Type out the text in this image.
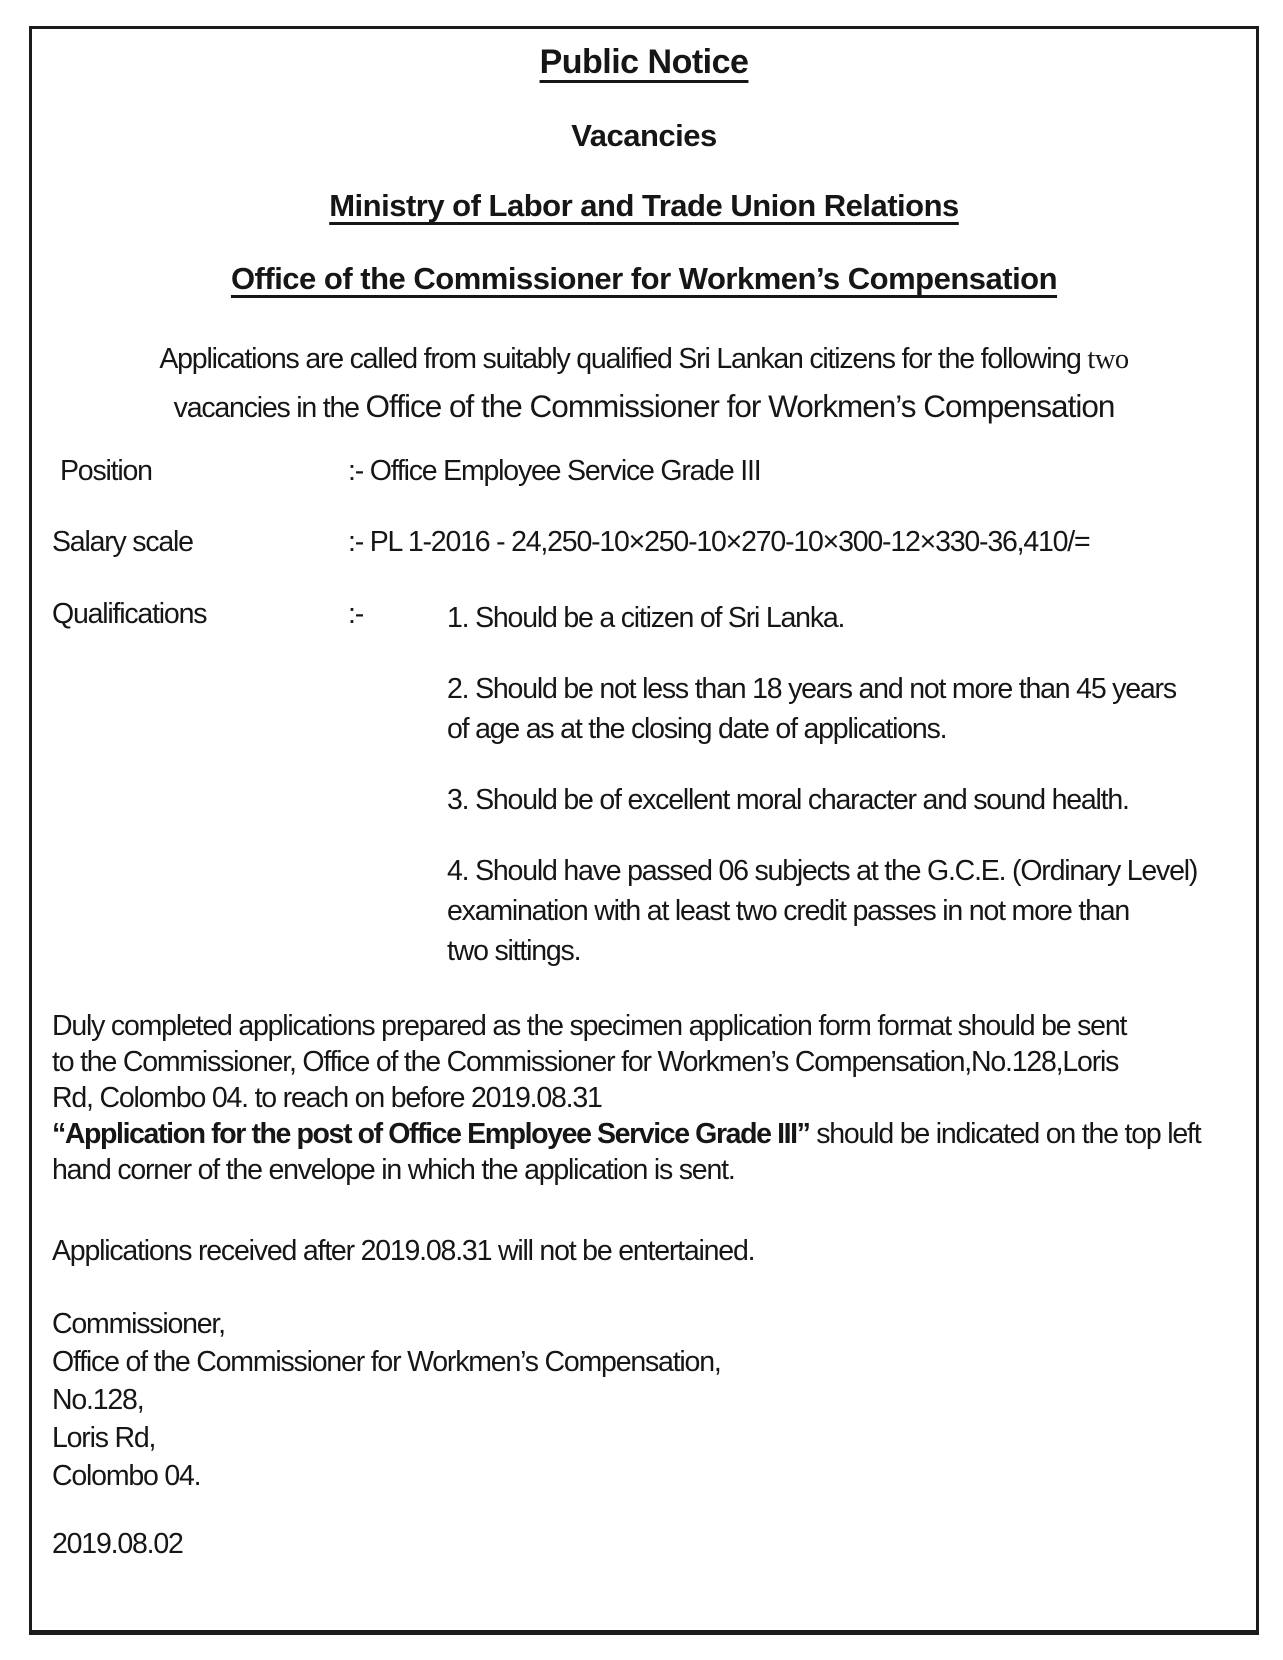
Public Notice
Vacancies
Ministry of Labor and Trade Union Relations
Office of the Commissioner for Workmen’s Compensation
Applications are called from suitably qualified Sri Lankan citizens for the following two
vacancies in the Office of the Commissioner for Workmen’s Compensation
Position	:- Office Employee Service Grade III
Salary scale	:- PL 1-2016 - 24,250-10×250-10×270-10×300-12×330-36,410/=
Qualifications	:-	1. Should be a citizen of Sri Lanka.
2. Should be not less than 18 years and not more than 45 years
of age as at the closing date of applications.
3. Should be of excellent moral character and sound health.
4. Should have passed 06 subjects at the G.C.E. (Ordinary Level)
examination with at least two credit passes in not more than
two sittings.
Duly completed applications prepared as the specimen application form format should be sent
to the Commissioner, Office of the Commissioner for Workmen’s Compensation,No.128,Loris
Rd, Colombo 04. to reach on before 2019.08.31
“Application for the post of Office Employee Service Grade III” should be indicated on the top left hand corner of the envelope in which the application is sent.
Applications received after 2019.08.31 will not be entertained.
Commissioner,
Office of the Commissioner for Workmen’s Compensation,
No.128,
Loris Rd,
Colombo 04.
2019.08.02
